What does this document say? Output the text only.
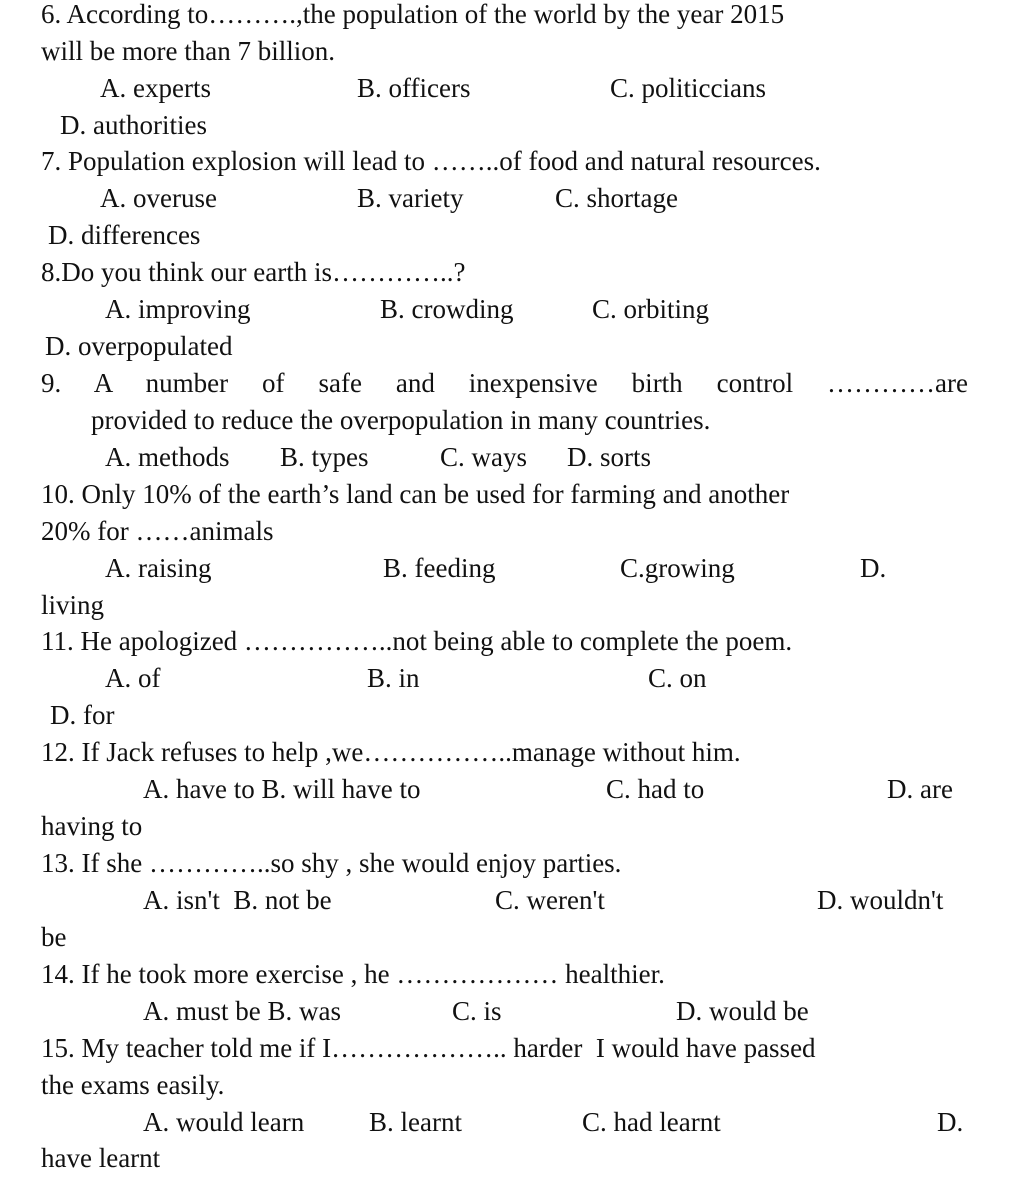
6. According to……….,the population of the world by the year 2015
will be more than 7 billion.
A. experts	B. officers	C. politiccians
D. authorities
7. Population explosion will lead to ……..of food and natural resources.
A. overuse	B. variety	C. shortage
D. differences
8.Do you think our earth is…………..?
A. improving	B. crowding	C. orbiting
D. overpopulated
9. A number of safe and inexpensive birth control …………are
provided to reduce the overpopulation in many countries.
A. methods B. types	C. ways D. sorts
10. Only 10% of the earth’s land can be used for farming and another
20% for ……animals
A. raising	B. feeding	C.growing	D.
living
11. He apologized ……………..not being able to complete the poem.
A. of	B. in	C. on
D. for
12. If Jack refuses to help ,we……………..manage without him.
A. have to B. will have to	C. had to	D. are
having to
13. If she …………..so shy , she would enjoy parties.
A. isn't  B. not be	C. weren't	D. wouldn't
be
14. If he took more exercise , he ……………… healthier.
A. must be B. was	C. is	D. would be
15. My teacher told me if I……………….. harder  I would have passed
the exams easily.
A. would learn B. learnt	C. had learnt	D.
have learnt
